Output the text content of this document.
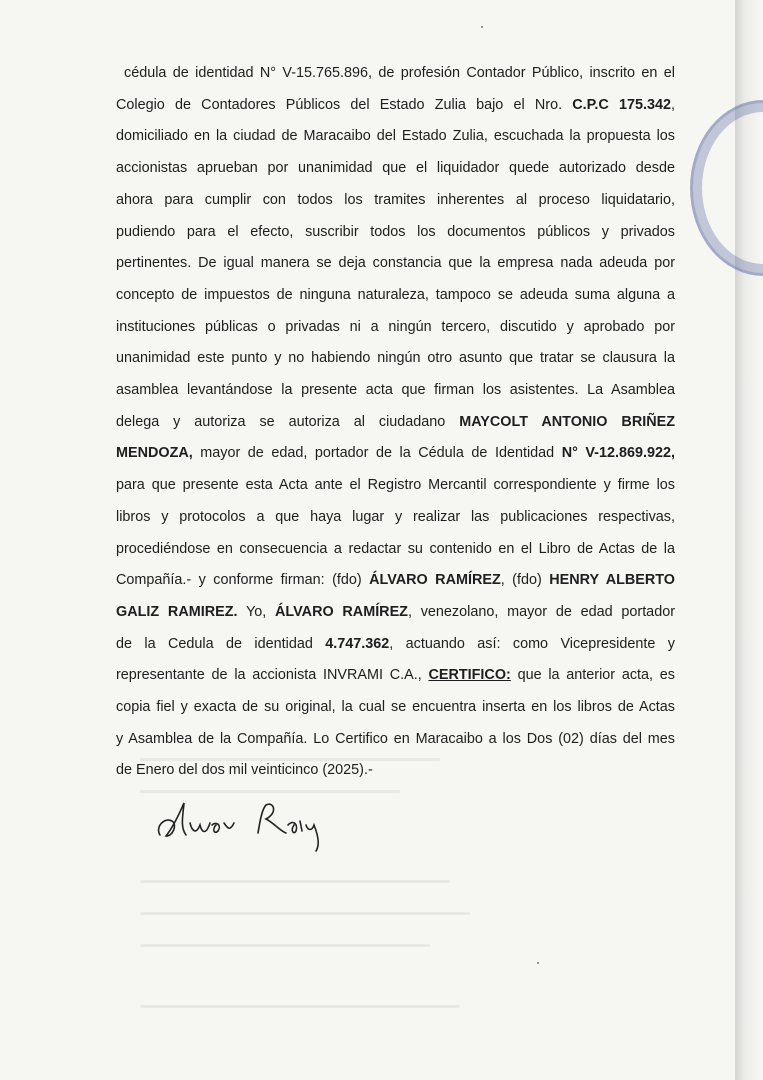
cédula de identidad N° V-15.765.896, de profesión Contador Público, inscrito en el
Colegio de Contadores Públicos del Estado Zulia bajo el Nro. C.P.C 175.342,
domiciliado en la ciudad de Maracaibo del Estado Zulia, escuchada la propuesta los
accionistas aprueban por unanimidad que el liquidador quede autorizado desde
ahora para cumplir con todos los tramites inherentes al proceso liquidatario,
pudiendo para el efecto, suscribir todos los documentos públicos y privados
pertinentes. De igual manera se deja constancia que la empresa nada adeuda por
concepto de impuestos de ninguna naturaleza, tampoco se adeuda suma alguna a
instituciones públicas o privadas ni a ningún tercero, discutido y aprobado por
unanimidad este punto y no habiendo ningún otro asunto que tratar se clausura la
asamblea levantándose la presente acta que firman los asistentes. La Asamblea
delega y autoriza se autoriza al ciudadano MAYCOLT ANTONIO BRIÑEZ
MENDOZA, mayor de edad, portador de la Cédula de Identidad N° V-12.869.922,
para que presente esta Acta ante el Registro Mercantil correspondiente y firme los
libros y protocolos a que haya lugar y realizar las publicaciones respectivas,
procediéndose en consecuencia a redactar su contenido en el Libro de Actas de la
Compañía.- y conforme firman: (fdo) ÁLVARO RAMÍREZ, (fdo) HENRY ALBERTO
GALIZ RAMIREZ. Yo, ÁLVARO RAMÍREZ, venezolano, mayor de edad portador
de la Cedula de identidad 4.747.362, actuando así: como Vicepresidente y
representante de la accionista INVRAMI C.A., CERTIFICO: que la anterior acta, es
copia fiel y exacta de su original, la cual se encuentra inserta en los libros de Actas
y Asamblea de la Compañía. Lo Certifico en Maracaibo a los Dos (02) días del mes
de Enero del dos mil veinticinco (2025).-
